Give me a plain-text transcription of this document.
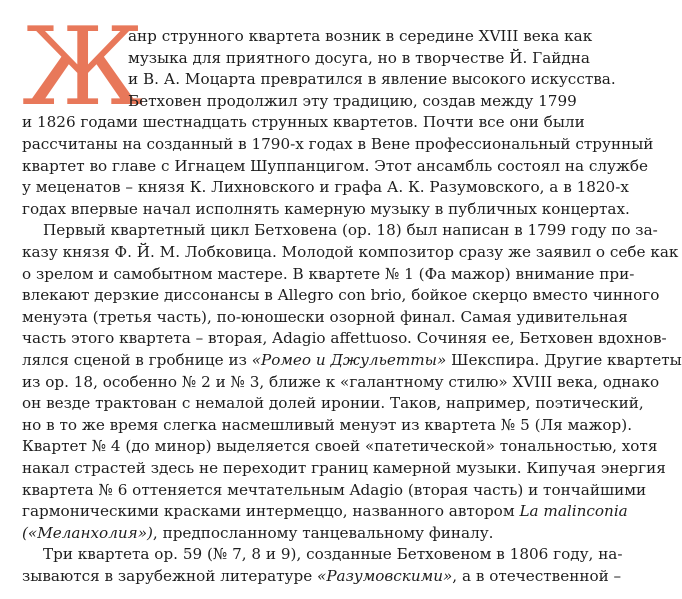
Ж
анр струнного квартета возник в середине XVIII века как
музыка для приятного досуга, но в творчестве Й. Гайдна
и В. А. Моцарта превратился в явление высокого искусства.
Бетховен продолжил эту традицию, создав между 1799
и 1826 годами шестнадцать струнных квартетов. Почти все они были
рассчитаны на созданный в 1790-х годах в Вене профессиональный струнный
квартет во главе с Игнацем Шуппанцигом. Этот ансамбль состоял на службе
у меценатов – князя К. Лихновского и графа А. К. Разумовского, а в 1820-х
годах впервые начал исполнять камерную музыку в публичных концертах.
Первый квартетный цикл Бетховена (op. 18) был написан в 1799 году по за-
казу князя Ф. Й. М. Лобковица. Молодой композитор сразу же заявил о себе как
о зрелом и самобытном мастере. В квартете № 1 (Фа мажор) внимание при-
влекают дерзкие диссонансы в Allegro con brio, бойкое скерцо вместо чинного
менуэта (третья часть), по-юношески озорной финал. Самая удивительная
часть этого квартета – вторая, Adagio affettuoso. Сочиняя ее, Бетховен вдохнов-
лялся сценой в гробнице из «Ромео и Джульетты» Шекспира. Другие квартеты
из ор. 18, особенно № 2 и № 3, ближе к «галантному стилю» XVIII века, однако
он везде трактован с немалой долей иронии. Таков, например, поэтический,
но в то же время слегка насмешливый менуэт из квартета № 5 (Ля мажор).
Квартет № 4 (до минор) выделяется своей «патетической» тональностью, хотя
накал страстей здесь не переходит границ камерной музыки. Кипучая энергия
квартета № 6 оттеняется мечтательным Adagio (вторая часть) и тончайшими
гармоническими красками интермеццо, названного автором La malinconia
(«Меланхолия»), предпосланному танцевальному финалу.
Три квартета ор. 59 (№ 7, 8 и 9), созданные Бетховеном в 1806 году, на-
зываются в зарубежной литературе «Разумовскими», а в отечественной –
